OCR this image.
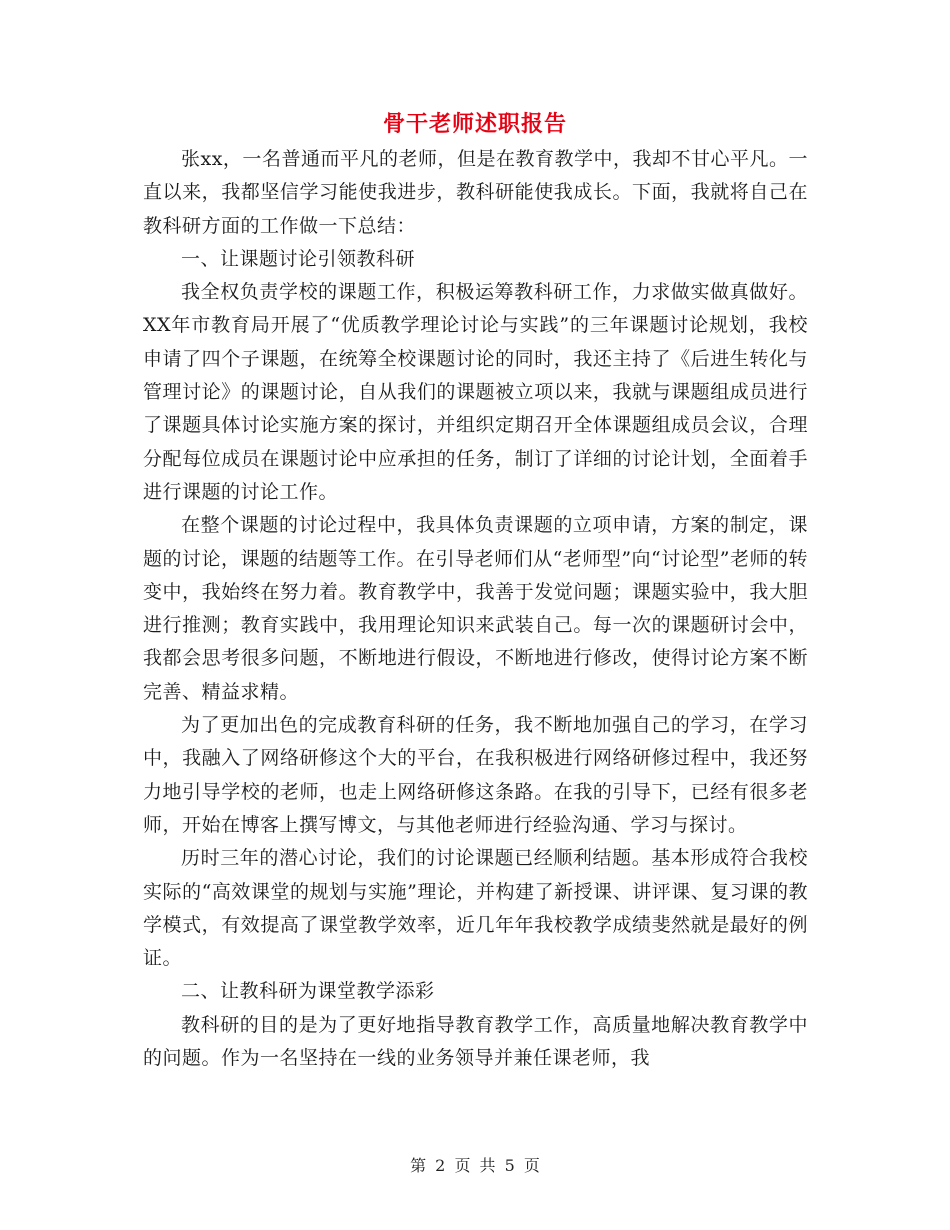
骨干老师述职报告

张xx，一名普通而平凡的老师，但是在教育教学中，我却不甘心平凡。一直以来，我都坚信学习能使我进步，教科研能使我成长。下面，我就将自己在教科研方面的工作做一下总结：

一、让课题讨论引领教科研

我全权负责学校的课题工作，积极运筹教科研工作，力求做实做真做好。XX年市教育局开展了“优质教学理论讨论与实践”的三年课题讨论规划，我校申请了四个子课题，在统筹全校课题讨论的同时，我还主持了《后进生转化与管理讨论》的课题讨论，自从我们的课题被立项以来，我就与课题组成员进行了课题具体讨论实施方案的探讨，并组织定期召开全体课题组成员会议，合理分配每位成员在课题讨论中应承担的任务，制订了详细的讨论计划，全面着手进行课题的讨论工作。

在整个课题的讨论过程中，我具体负责课题的立项申请，方案的制定，课题的讨论，课题的结题等工作。在引导老师们从“老师型”向“讨论型”老师的转变中，我始终在努力着。教育教学中，我善于发觉问题；课题实验中，我大胆进行推测；教育实践中，我用理论知识来武装自己。每一次的课题研讨会中，我都会思考很多问题，不断地进行假设，不断地进行修改，使得讨论方案不断完善、精益求精。

为了更加出色的完成教育科研的任务，我不断地加强自己的学习，在学习中，我融入了网络研修这个大的平台，在我积极进行网络研修过程中，我还努力地引导学校的老师，也走上网络研修这条路。在我的引导下，已经有很多老师，开始在博客上撰写博文，与其他老师进行经验沟通、学习与探讨。

历时三年的潜心讨论，我们的讨论课题已经顺利结题。基本形成符合我校实际的“高效课堂的规划与实施”理论，并构建了新授课、讲评课、复习课的教学模式，有效提高了课堂教学效率，近几年年我校教学成绩斐然就是最好的例证。

二、让教科研为课堂教学添彩

教科研的目的是为了更好地指导教育教学工作，高质量地解决教育教学中的问题。作为一名坚持在一线的业务领导并兼任课老师，我

第 2 页 共 5 页
